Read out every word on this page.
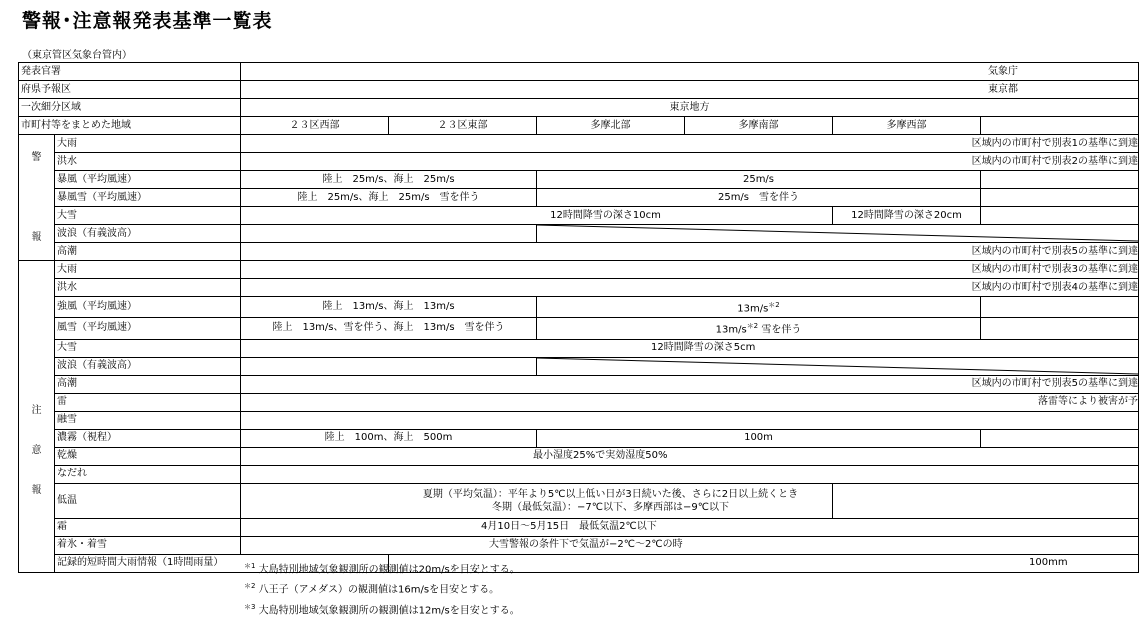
警報･注意報発表基準一覧表
（東京管区気象台管内）
発表官署		気象庁					
府県予報区		東京都					
一次細分区域		東京地方					
市町村等をまとめた地域		２３区西部	２３区東部	多摩北部	多摩南部	多摩西部	

警
報	大雨	区域内の市町村で別表1の基準に到達					
	洪水	区域内の市町村で別表2の基準に到達					
	暴風（平均風速）	陸上　25m/s、海上　25m/s		25m/s			
	暴風雪（平均風速）	陸上　25m/s、海上　25m/s　雪を伴う		25m/s　雪を伴う			
	大雪	12時間降雪の深さ10cm				12時間降雪の深さ20cm	
	波浪（有義波高）		

	高潮	区域内の市町村で別表5の基準に到達					

注
意
報	大雨	区域内の市町村で別表3の基準に到達					
	洪水	区域内の市町村で別表4の基準に到達					
	強風（平均風速）	陸上　13m/s、海上　13m/s		$13m/s^{*2}$	
	風雪（平均風速）	陸上　13m/s、雪を伴う、海上　13m/s　雪を伴う		$13m/s^{*2}$ 雪を伴う			
	大雪	12時間降雪の深さ5cm					
	波浪（有義波高）		

	高潮	区域内の市町村で別表5の基準に到達					
	雷	落雷等により被害が予					
	融雪						
	濃霧（視程）	陸上　100m、海上　500m		100m			
	乾燥	最小湿度25%で実効湿度50%					
	なだれ						
	低温	夏期（平均気温）：平年より5℃以上低い日が3日続いた後、さらに2日以上続くとき
冬期（最低気温）：−7℃以下、多摩西部は−9℃以下					

	霜	4月10日～5月15日　最低気温2℃以下					
	着氷・着雪	大雪警報の条件下で気温が−2℃～2℃の時					
	記録的短時間大雨情報（1時間雨量）		100mm				
$^{*1}$ 大島特別地域気象観測所の観測値は20m/sを目安とする。
$^{*2}$ 八王子（アメダス）の観測値は16m/sを目安とする。
$^{*3}$ 大島特別地域気象観測所の観測値は12m/sを目安とする。
